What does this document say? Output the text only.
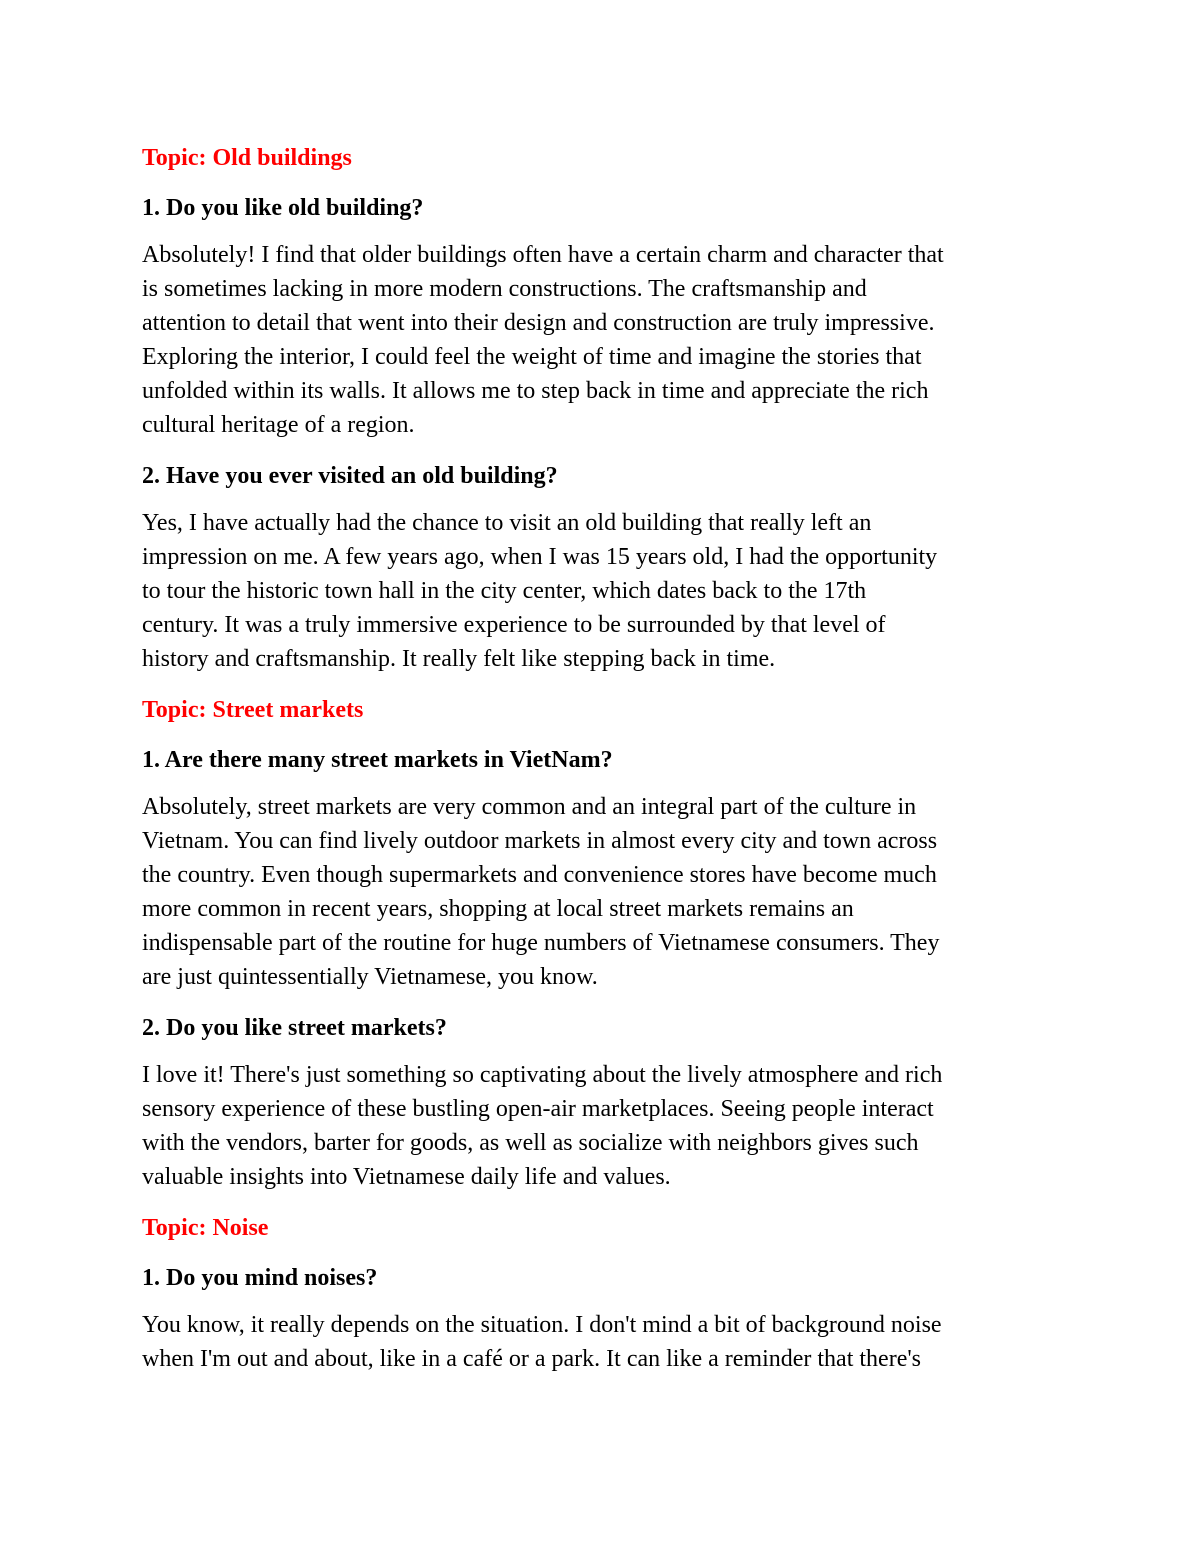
Topic: Old buildings
1. Do you like old building?
Absolutely! I find that older buildings often have a certain charm and character that
is sometimes lacking in more modern constructions. The craftsmanship and
attention to detail that went into their design and construction are truly impressive.
Exploring the interior, I could feel the weight of time and imagine the stories that
unfolded within its walls. It allows me to step back in time and appreciate the rich
cultural heritage of a region.
2. Have you ever visited an old building?
Yes, I have actually had the chance to visit an old building that really left an
impression on me. A few years ago, when I was 15 years old, I had the opportunity
to tour the historic town hall in the city center, which dates back to the 17th
century. It was a truly immersive experience to be surrounded by that level of
history and craftsmanship. It really felt like stepping back in time.
Topic: Street markets
1. Are there many street markets in VietNam?
Absolutely, street markets are very common and an integral part of the culture in
Vietnam. You can find lively outdoor markets in almost every city and town across
the country. Even though supermarkets and convenience stores have become much
more common in recent years, shopping at local street markets remains an
indispensable part of the routine for huge numbers of Vietnamese consumers. They
are just quintessentially Vietnamese, you know.
2. Do you like street markets?
I love it! There's just something so captivating about the lively atmosphere and rich
sensory experience of these bustling open-air marketplaces. Seeing people interact
with the vendors, barter for goods, as well as socialize with neighbors gives such
valuable insights into Vietnamese daily life and values.
Topic: Noise
1. Do you mind noises?
You know, it really depends on the situation. I don't mind a bit of background noise
when I'm out and about, like in a café or a park. It can like a reminder that there's
